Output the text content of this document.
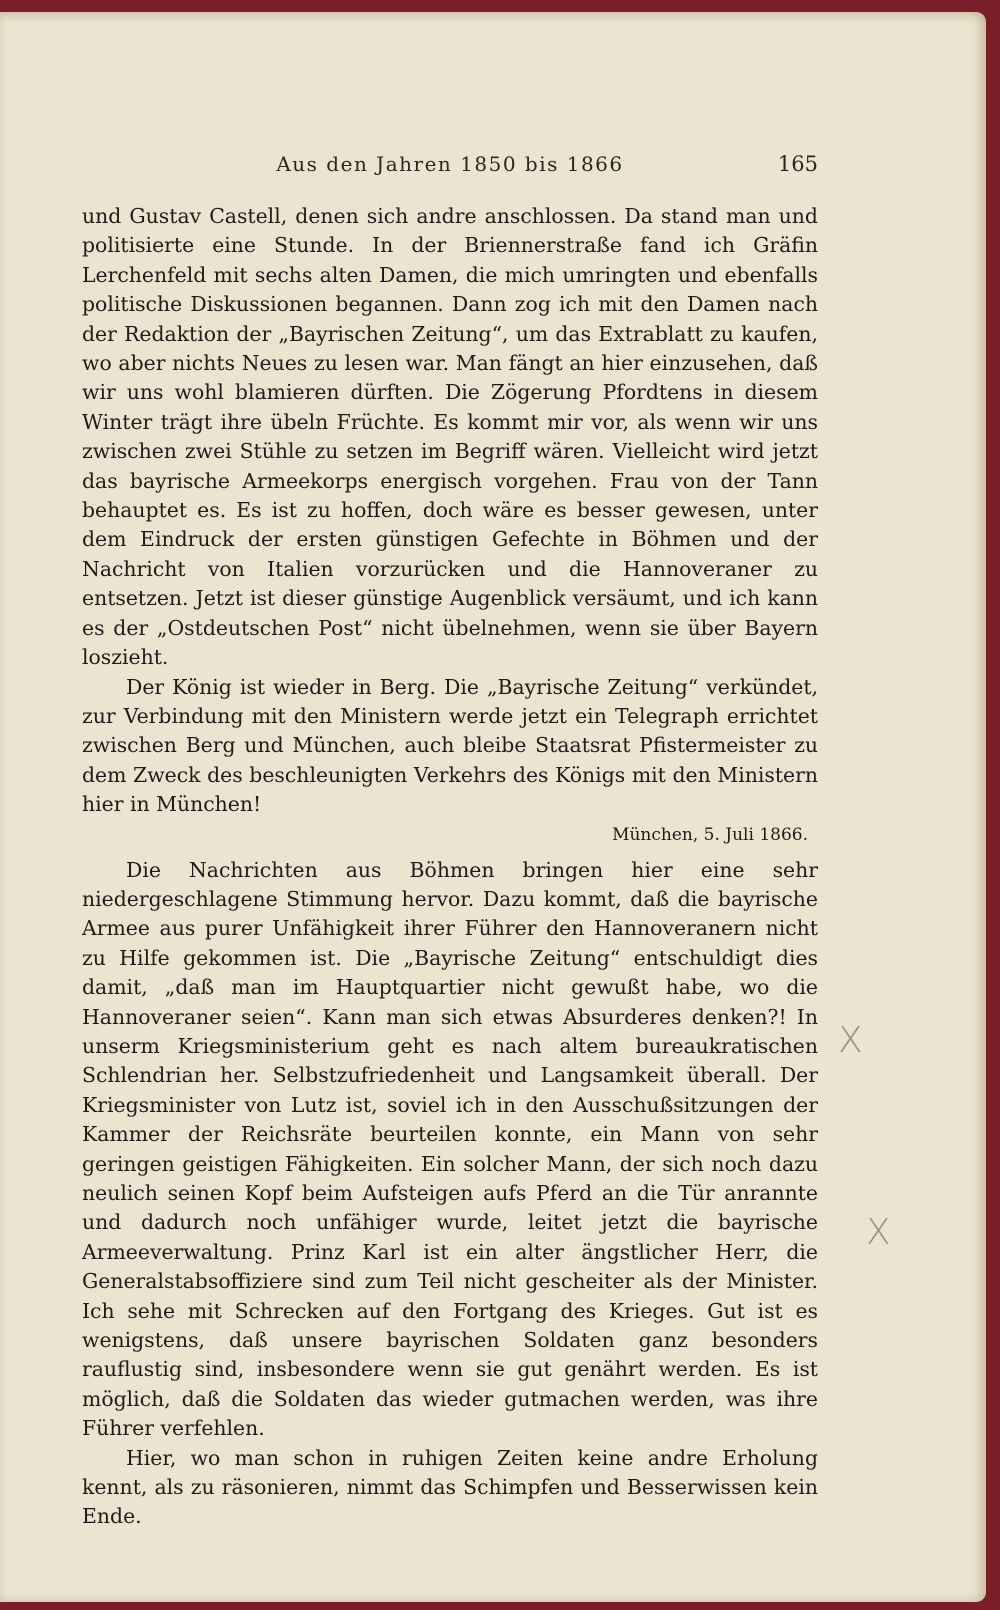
Aus den Jahren 1850 bis 1866	165

und Gustav Castell, denen sich andre anschlossen. Da stand man und politisierte eine Stunde. In der Briennerstraße fand ich Gräfin Lerchenfeld mit sechs alten Damen, die mich umringten und ebenfalls politische Diskussionen begannen. Dann zog ich mit den Damen nach der Redaktion der „Bayrischen Zeitung“, um das Extrablatt zu kaufen, wo aber nichts Neues zu lesen war. Man fängt an hier einzusehen, daß wir uns wohl blamieren dürften. Die Zögerung Pfordtens in diesem Winter trägt ihre übeln Früchte. Es kommt mir vor, als wenn wir uns zwischen zwei Stühle zu setzen im Begriff wären. Vielleicht wird jetzt das bayrische Armeekorps energisch vorgehen. Frau von der Tann behauptet es. Es ist zu hoffen, doch wäre es besser gewesen, unter dem Eindruck der ersten günstigen Gefechte in Böhmen und der Nachricht von Italien vorzurücken und die Hannoveraner zu entsetzen. Jetzt ist dieser günstige Augenblick versäumt, und ich kann es der „Ostdeutschen Post“ nicht übelnehmen, wenn sie über Bayern loszieht.

Der König ist wieder in Berg. Die „Bayrische Zeitung“ verkündet, zur Verbindung mit den Ministern werde jetzt ein Telegraph errichtet zwischen Berg und München, auch bleibe Staatsrat Pfistermeister zu dem Zweck des beschleunigten Verkehrs des Königs mit den Ministern hier in München!

München, 5. Juli 1866.

Die Nachrichten aus Böhmen bringen hier eine sehr niedergeschlagene Stimmung hervor. Dazu kommt, daß die bayrische Armee aus purer Unfähigkeit ihrer Führer den Hannoveranern nicht zu Hilfe gekommen ist. Die „Bayrische Zeitung“ entschuldigt dies damit, „daß man im Hauptquartier nicht gewußt habe, wo die Hannoveraner seien“. Kann man sich etwas Absurderes denken?! In unserm Kriegsministerium geht es nach altem bureaukratischen Schlendrian her. Selbstzufriedenheit und Langsamkeit überall. Der Kriegsminister von Lutz ist, soviel ich in den Ausschußsitzungen der Kammer der Reichsräte beurteilen konnte, ein Mann von sehr geringen geistigen Fähigkeiten. Ein solcher Mann, der sich noch dazu neulich seinen Kopf beim Aufsteigen aufs Pferd an die Tür anrannte und dadurch noch unfähiger wurde, leitet jetzt die bayrische Armeeverwaltung. Prinz Karl ist ein alter ängstlicher Herr, die Generalstabsoffiziere sind zum Teil nicht gescheiter als der Minister. Ich sehe mit Schrecken auf den Fortgang des Krieges. Gut ist es wenigstens, daß unsere bayrischen Soldaten ganz besonders rauflustig sind, insbesondere wenn sie gut genährt werden. Es ist möglich, daß die Soldaten das wieder gutmachen werden, was ihre Führer verfehlen.

Hier, wo man schon in ruhigen Zeiten keine andre Erholung kennt, als zu räsonieren, nimmt das Schimpfen und Besserwissen kein Ende.

X
X
